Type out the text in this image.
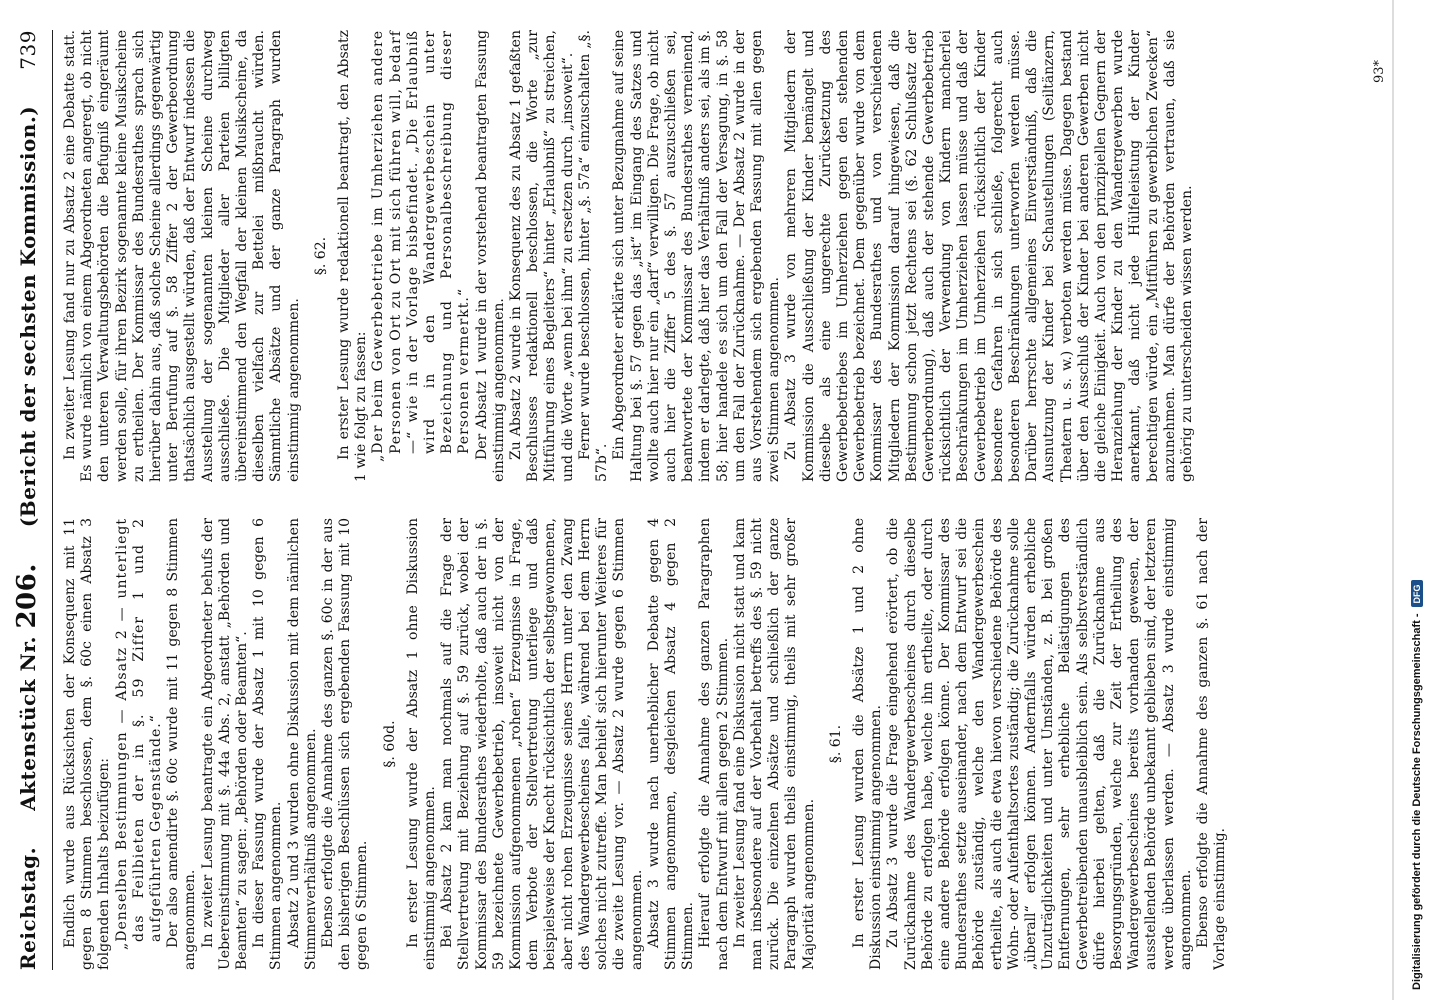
Reichstag.
Aktenstück Nr. 206.
(Bericht der sechsten Kommission.)
739

Endlich wurde aus Rücksichten der Konsequenz mit 11 gegen 8 Stimmen beschlossen, dem §. 60c einen Absatz 3 folgenden Inhalts beizufügen: „Denselben Bestimmungen — Absatz 2 — unterliegt das Feilbieten der in §. 59 Ziffer 1 und 2 aufgeführten Gegenstände.“ Der also amendirte §. 60c wurde mit 11 gegen 8 Stimmen angenommen. In zweiter Lesung beantragte ein Abgeordneter behufs der Uebereinstimmung mit §. 44a Abs. 2, anstatt „Behörden und Beamten“ zu sagen: „Behörden oder Beamten“. In dieser Fassung wurde der Absatz 1 mit 10 gegen 6 Stimmen angenommen. Absatz 2 und 3 wurden ohne Diskussion mit dem nämlichen Stimmenverhältniß angenommen. Ebenso erfolgte die Annahme des ganzen §. 60c in der aus den bisherigen Beschlüssen sich ergebenden Fassung mit 10 gegen 6 Stimmen.

§. 60d. In erster Lesung wurde der Absatz 1 ohne Diskussion einstimmig angenommen. Bei Absatz 2 kam man nochmals auf die Frage der Stellvertretung mit Beziehung auf §. 59 zurück, wobei der Kommissar des Bundesrathes wiederholte, daß auch der in §. 59 bezeichnete Gewerbebetrieb, insoweit nicht von der Kommission aufgenommenen „rohen“ Erzeugnisse in Frage, dem Verbote der Stellvertretung unterliege und daß beispielsweise der Knecht rücksichtlich der selbstgewonnenen, aber nicht rohen Erzeugnisse seines Herrn unter den Zwang des Wandergewerbescheines falle, während bei dem Herrn solches nicht zutreffe. Man behielt sich hierunter Weiteres für die zweite Lesung vor. — Absatz 2 wurde gegen 6 Stimmen angenommen. Absatz 3 wurde nach unerheblicher Debatte gegen 4 Stimmen angenommen, desgleichen Absatz 4 gegen 2 Stimmen. Hierauf erfolgte die Annahme des ganzen Paragraphen nach dem Entwurf mit allen gegen 2 Stimmen. In zweiter Lesung fand eine Diskussion nicht statt und kam man insbesondere auf der Vorbehalt betreffs des §. 59 nicht zurück. Die einzelnen Absätze und schließlich der ganze Paragraph wurden theils einstimmig, theils mit sehr großer Majorität angenommen.

§. 61. In erster Lesung wurden die Absätze 1 und 2 ohne Diskussion einstimmig angenommen. Zu Absatz 3 wurde die Frage eingehend erörtert, ob die Zurücknahme des Wandergewerbescheines durch dieselbe Behörde zu erfolgen habe, welche ihn ertheilte, oder durch eine andere Behörde erfolgen könne. Der Kommissar des Bundesrathes setzte auseinander, nach dem Entwurf sei die Behörde zuständig, welche den Wandergewerbeschein ertheilte, als auch die etwa hievon verschiedene Behörde des Wohn- oder Aufenthaltsortes zuständig; die Zurücknahme solle „überall“ erfolgen können. Andernfalls würden erhebliche Unzuträglichkeiten und unter Umständen, z. B. bei großen Entfernungen, sehr erhebliche Belästigungen des Gewerbetreibenden unausbleiblich sein. Als selbstverständlich dürfe hierbei gelten, daß die Zurücknahme aus Besorgungsgründen, welche zur Zeit der Ertheilung des Wandergewerbescheines bereits vorhanden gewesen, der ausstellenden Behörde unbekannt geblieben sind, der letzteren werde überlassen werden. — Absatz 3 wurde einstimmig angenommen. Ebenso erfolgte die Annahme des ganzen §. 61 nach der Vorlage einstimmig.

In zweiter Lesung fand nur zu Absatz 2 eine Debatte statt. Es wurde nämlich von einem Abgeordneten angeregt, ob nicht den unteren Verwaltungsbehörden die Befugniß eingeräumt werden solle, für ihren Bezirk sogenannte kleine Musikscheine zu ertheilen. Der Kommissar des Bundesrathes sprach sich hierüber dahin aus, daß solche Scheine allerdings gegenwärtig unter Berufung auf §. 58 Ziffer 2 der Gewerbeordnung thatsächlich ausgestellt würden, daß der Entwurf indessen die Ausstellung der sogenannten kleinen Scheine durchweg ausschließe. Die Mitglieder aller Parteien billigten übereinstimmend den Wegfall der kleinen Musikscheine, da dieselben vielfach zur Bettelei mißbraucht würden. Sämmtliche Absätze und der ganze Paragraph wurden einstimmig angenommen.

§. 62. In erster Lesung wurde redaktionell beantragt, den Absatz 1 wie folgt zu fassen: „Der beim Gewerbebetriebe im Umherziehen andere Personen von Ort zu Ort mit sich führen will, bedarf —“ wie in der Vorlage bisbefindet. „Die Erlaubniß wird in den Wandergewerbeschein unter Bezeichnung und Personalbeschreibung dieser Personen vermerkt.“ Der Absatz 1 wurde in der vorstehend beantragten Fassung einstimmig angenommen. Zu Absatz 2 wurde in Konsequenz des zu Absatz 1 gefaßten Beschlusses redaktionell beschlossen, die Worte „zur Mitführung eines Begleiters“ hinter „Erlaubniß“ zu streichen, und die Worte „wenn bei ihm“ zu ersetzen durch „insoweit“. Ferner wurde beschlossen, hinter „§. 57a“ einzuschalten „§. 57b“.

Ein Abgeordneter erklärte sich unter Bezugnahme auf seine Haltung bei §. 57 gegen das „ist“ im Eingang des Satzes und wollte auch hier nur ein „darf“ verwilligen. Die Frage, ob nicht auch hier die Ziffer 5 des §. 57 auszuschließen sei, beantwortete der Kommissar des Bundesrathes verneinend, indem er darlegte, daß hier das Verhältniß anders sei, als im §. 58; hier handele es sich um den Fall der Versagung, in §. 58 um den Fall der Zurücknahme. — Der Absatz 2 wurde in der aus Vorstehendem sich ergebenden Fassung mit allen gegen zwei Stimmen angenommen. Zu Absatz 3 wurde von mehreren Mitgliedern der Kommission die Ausschließung der Kinder bemängelt und dieselbe als eine ungerechte Zurücksetzung des Gewerbebetriebes im Umherziehen gegen den stehenden Gewerbebetrieb bezeichnet. Dem gegenüber wurde von dem Kommissar des Bundesrathes und von verschiedenen Mitgliedern der Kommission darauf hingewiesen, daß die Bestimmung schon jetzt Rechtens sei (§. 62 Schlußsatz der Gewerbeordnung), daß auch der stehende Gewerbebetrieb rücksichtlich der Verwendung von Kindern mancherlei Beschränkungen im Umherziehen lassen müsse und daß der Gewerbebetrieb im Umherziehen rücksichtlich der Kinder besondere Gefahren in sich schließe, folgerecht auch besonderen Beschränkungen unterworfen werden müsse. Darüber herrschte allgemeines Einverständniß, daß die Ausnutzung der Kinder bei Schaustellungen (Seiltänzern, Theatern u. s. w.) verboten werden müsse. Dagegen bestand über den Ausschluß der Kinder bei anderen Gewerben nicht die gleiche Einigkeit. Auch von den prinzipiellen Gegnern der Heranziehung der Kinder zu den Wandergewerben wurde anerkannt, daß nicht jede Hülfeleistung der Kinder berechtigen würde, ein „Mitführen zu gewerblichen Zwecken“ anzunehmen. Man dürfe der Behörden vertrauen, daß sie gehörig zu unterscheiden wissen werden.

93*
Digitalisierung gefördert durch die Deutsche Forschungsgemeinschaft -
DFG
